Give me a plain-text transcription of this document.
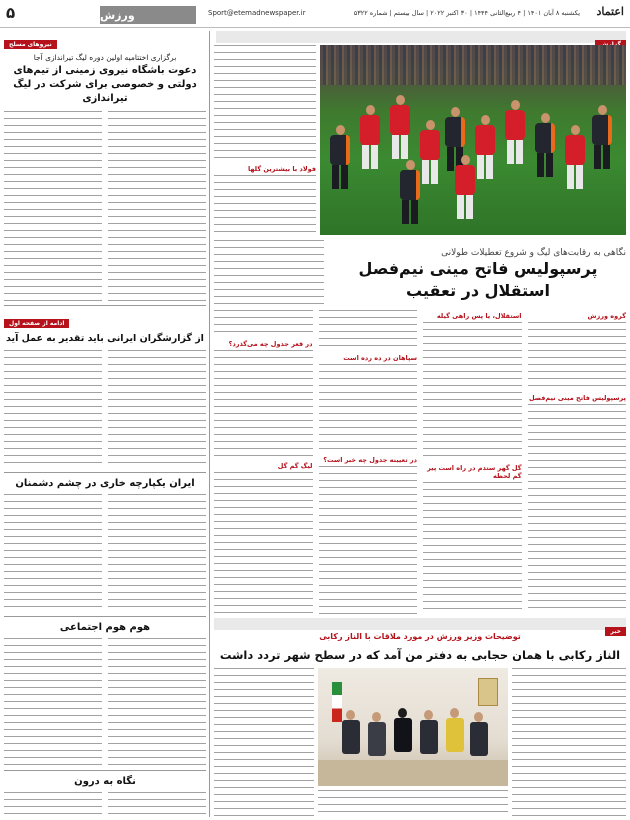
۵	ورزش	Sport@etemadnewspaper.ir	یکشنبه ۸ آبان ۱۴۰۱ | ۴ ربیع‌الثانی ۱۴۴۴ | ۳۰ اکتبر ۲۰۲۲ | سال بیستم | شماره ۵۳۲۲ اعتماد
نیروهای مسلح
برگزاری اختتامیه اولین دوره لیگ تیراندازی آجا
دعوت باشگاه نیروی زمینی از تیم‌های دولتی و خصوصی برای شرکت در لیگ تیراندازی
ادامه از صفحه اول
از گزارشگران ایرانی باید تقدیر به عمل آید
ایران یکپارچه خاری در چشم دشمنان
هوم هوم اجتماعی
نگاه به درون
فولاد با بیشترین گلها
نگاهی به رقابت‌های لیگ و شروع تعطیلات طولانی
پرسپولیس فاتح مینی نیم‌فصل
استقلال در تعقیب
گروه ورزش
پرسپولیس فاتح مینی نیم‌فصل
استقلال، یا پس راهی گیله
گل گهر ستدم در راه است پیر گم لحظه
سپاهان در ده رده است
در تعیینه جدول چه خبر است؟
در قعر جدول چه می‌گذرد؟
لیگ گم گل
خبر
توضیحات وزیر ورزش در مورد ملاقات با الناز رکابی
الناز رکابی با همان حجابی به دفتر من آمد که در سطح شهر تردد داشت
